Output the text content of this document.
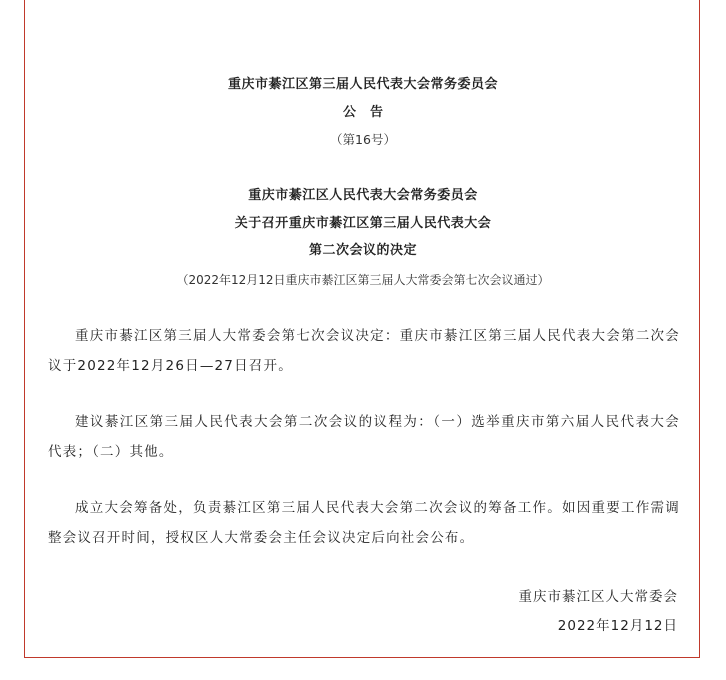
重庆市綦江区第三届人民代表大会常务委员会
公告
（第16号）
重庆市綦江区人民代表大会常务委员会
关于召开重庆市綦江区第三届人民代表大会
第二次会议的决定
（2022年12月12日重庆市綦江区第三届人大常委会第七次会议通过）
重庆市綦江区第三届人大常委会第七次会议决定：重庆市綦江区第三届人民代表大会第二次会议于2022年12月26日—27日召开。
建议綦江区第三届人民代表大会第二次会议的议程为：（一）选举重庆市第六届人民代表大会代表；（二）其他。
成立大会筹备处，负责綦江区第三届人民代表大会第二次会议的筹备工作。如因重要工作需调整会议召开时间，授权区人大常委会主任会议决定后向社会公布。
重庆市綦江区人大常委会
2022年12月12日
